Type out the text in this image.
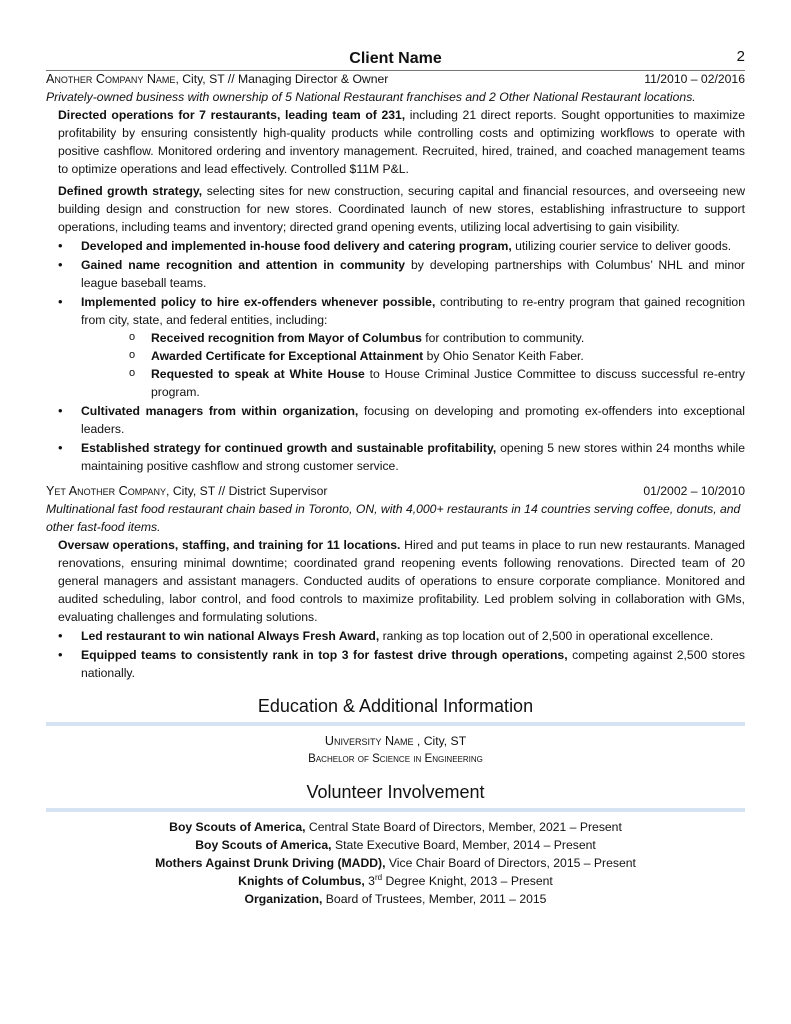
Client Name	2
Another Company Name, City, ST // Managing Director & Owner	11/2010 – 02/2016
Privately-owned business with ownership of 5 National Restaurant franchises and 2 Other National Restaurant locations.
Directed operations for 7 restaurants, leading team of 231, including 21 direct reports. Sought opportunities to maximize profitability by ensuring consistently high-quality products while controlling costs and optimizing workflows to operate with positive cashflow. Monitored ordering and inventory management. Recruited, hired, trained, and coached management teams to optimize operations and lead effectively. Controlled $11M P&L.
Defined growth strategy, selecting sites for new construction, securing capital and financial resources, and overseeing new building design and construction for new stores. Coordinated launch of new stores, establishing infrastructure to support operations, including teams and inventory; directed grand opening events, utilizing local advertising to gain visibility.
• Developed and implemented in-house food delivery and catering program, utilizing courier service to deliver goods.
• Gained name recognition and attention in community by developing partnerships with Columbus’ NHL and minor league baseball teams.
• Implemented policy to hire ex-offenders whenever possible, contributing to re-entry program that gained recognition from city, state, and federal entities, including:
o Received recognition from Mayor of Columbus for contribution to community.
o Awarded Certificate for Exceptional Attainment by Ohio Senator Keith Faber.
o Requested to speak at White House to House Criminal Justice Committee to discuss successful re-entry program.
• Cultivated managers from within organization, focusing on developing and promoting ex-offenders into exceptional leaders.
• Established strategy for continued growth and sustainable profitability, opening 5 new stores within 24 months while maintaining positive cashflow and strong customer service.
Yet Another Company, City, ST // District Supervisor	01/2002 – 10/2010
Multinational fast food restaurant chain based in Toronto, ON, with 4,000+ restaurants in 14 countries serving coffee, donuts, and other fast-food items.
Oversaw operations, staffing, and training for 11 locations. Hired and put teams in place to run new restaurants. Managed renovations, ensuring minimal downtime; coordinated grand reopening events following renovations. Directed team of 20 general managers and assistant managers. Conducted audits of operations to ensure corporate compliance. Monitored and audited scheduling, labor control, and food controls to maximize profitability. Led problem solving in collaboration with GMs, evaluating challenges and formulating solutions.
• Led restaurant to win national Always Fresh Award, ranking as top location out of 2,500 in operational excellence.
• Equipped teams to consistently rank in top 3 for fastest drive through operations, competing against 2,500 stores nationally.
Education & Additional Information
University Name , City, ST
Bachelor of Science in Engineering
Volunteer Involvement
Boy Scouts of America, Central State Board of Directors, Member, 2021 – Present
Boy Scouts of America, State Executive Board, Member, 2014 – Present
Mothers Against Drunk Driving (MADD), Vice Chair Board of Directors, 2015 – Present
Knights of Columbus, 3rd Degree Knight, 2013 – Present
Organization, Board of Trustees, Member, 2011 – 2015
